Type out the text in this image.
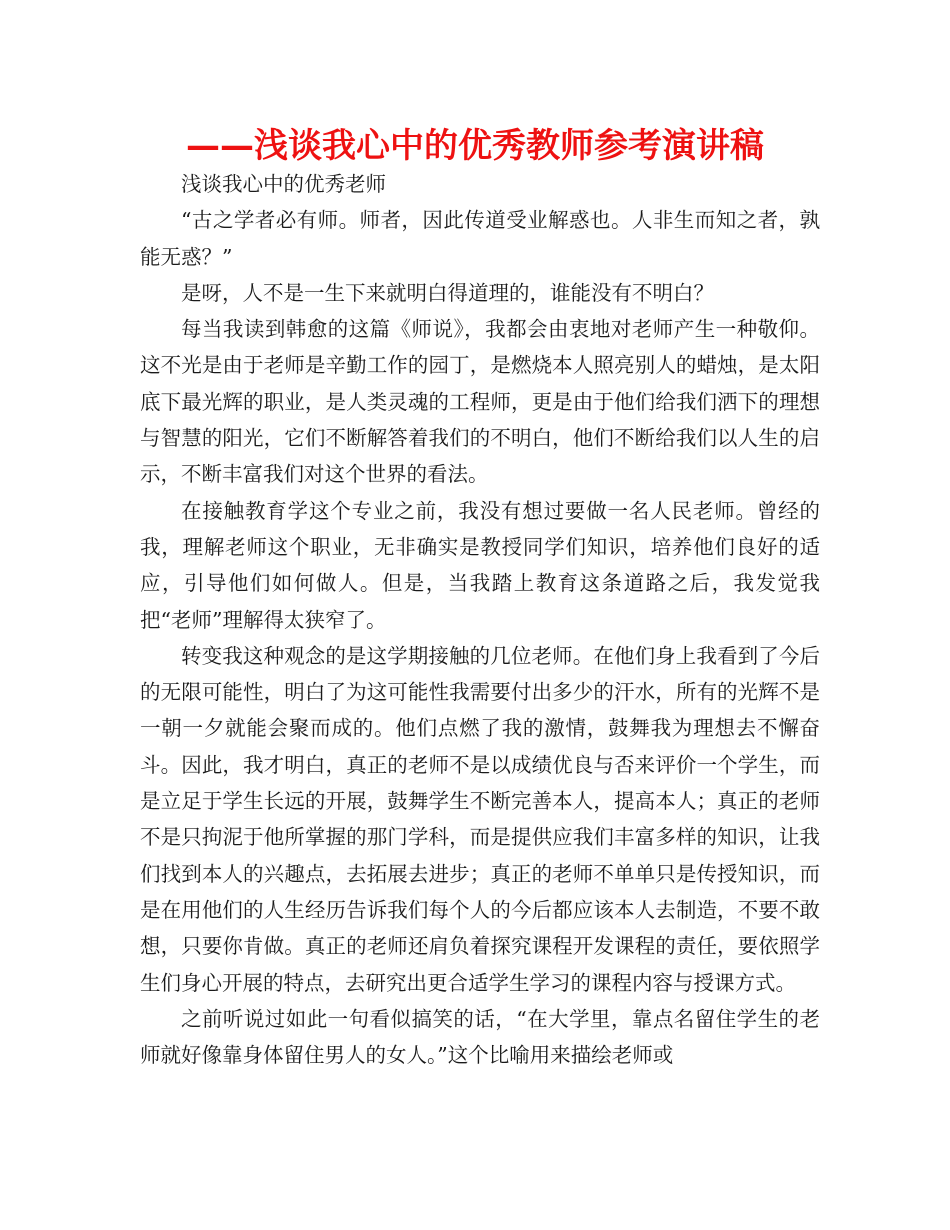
——浅谈我心中的优秀教师参考演讲稿

浅谈我心中的优秀老师

“古之学者必有师。师者，因此传道受业解惑也。人非生而知之者，孰能无惑？”

是呀，人不是一生下来就明白得道理的，谁能没有不明白？

每当我读到韩愈的这篇《师说》，我都会由衷地对老师产生一种敬仰。这不光是由于老师是辛勤工作的园丁，是燃烧本人照亮别人的蜡烛，是太阳底下最光辉的职业，是人类灵魂的工程师，更是由于他们给我们洒下的理想与智慧的阳光，它们不断解答着我们的不明白，他们不断给我们以人生的启示，不断丰富我们对这个世界的看法。

在接触教育学这个专业之前，我没有想过要做一名人民老师。曾经的我，理解老师这个职业，无非确实是教授同学们知识，培养他们良好的适应，引导他们如何做人。但是，当我踏上教育这条道路之后，我发觉我把“老师”理解得太狭窄了。

转变我这种观念的是这学期接触的几位老师。在他们身上我看到了今后的无限可能性，明白了为这可能性我需要付出多少的汗水，所有的光辉不是一朝一夕就能会聚而成的。他们点燃了我的激情，鼓舞我为理想去不懈奋斗。因此，我才明白，真正的老师不是以成绩优良与否来评价一个学生，而是立足于学生长远的开展，鼓舞学生不断完善本人，提高本人；真正的老师不是只拘泥于他所掌握的那门学科，而是提供应我们丰富多样的知识，让我们找到本人的兴趣点，去拓展去进步；真正的老师不单单只是传授知识，而是在用他们的人生经历告诉我们每个人的今后都应该本人去制造，不要不敢想，只要你肯做。真正的老师还肩负着探究课程开发课程的责任，要依照学生们身心开展的特点，去研究出更合适学生学习的课程内容与授课方式。

之前听说过如此一句看似搞笑的话，“在大学里，靠点名留住学生的老师就好像靠身体留住男人的女人。”这个比喻用来描绘老师或
